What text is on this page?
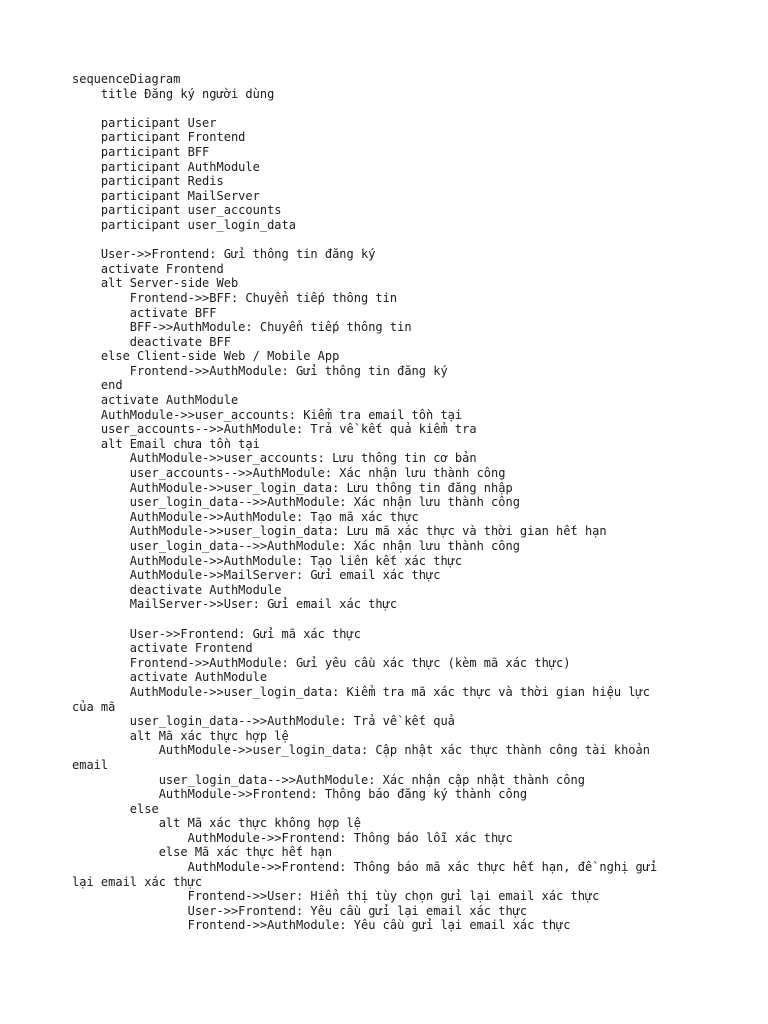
sequenceDiagram
title Đăng ký người dùng
participant User
participant Frontend
participant BFF
participant AuthModule
participant Redis
participant MailServer
participant user_accounts
participant user_login_data
User->>Frontend: Gửi thông tin đăng ký
activate Frontend
alt Server-side Web
Frontend->>BFF: Chuyển tiếp thông tin
activate BFF
BFF->>AuthModule: Chuyển tiếp thông tin
deactivate BFF
else Client-side Web / Mobile App
Frontend->>AuthModule: Gửi thông tin đăng ký
end
activate AuthModule
AuthModule->>user_accounts: Kiểm tra email tồn tại
user_accounts-->>AuthModule: Trả về kết quả kiểm tra
alt Email chưa tồn tại
AuthModule->>user_accounts: Lưu thông tin cơ bản
user_accounts-->>AuthModule: Xác nhận lưu thành công
AuthModule->>user_login_data: Lưu thông tin đăng nhập
user_login_data-->>AuthModule: Xác nhận lưu thành công
AuthModule->>AuthModule: Tạo mã xác thực
AuthModule->>user_login_data: Lưu mã xác thực và thời gian hết hạn
user_login_data-->>AuthModule: Xác nhận lưu thành công
AuthModule->>AuthModule: Tạo liên kết xác thực
AuthModule->>MailServer: Gửi email xác thực
deactivate AuthModule
MailServer->>User: Gửi email xác thực
User->>Frontend: Gửi mã xác thực
activate Frontend
Frontend->>AuthModule: Gửi yêu cầu xác thực (kèm mã xác thực)
activate AuthModule
AuthModule->>user_login_data: Kiểm tra mã xác thực và thời gian hiệu lực
của mã
user_login_data-->>AuthModule: Trả về kết quả
alt Mã xác thực hợp lệ
AuthModule->>user_login_data: Cập nhật xác thực thành công tài khoản
email
user_login_data-->>AuthModule: Xác nhận cập nhật thành công
AuthModule->>Frontend: Thông báo đăng ký thành công
else
alt Mã xác thực không hợp lệ
AuthModule->>Frontend: Thông báo lỗi xác thực
else Mã xác thực hết hạn
AuthModule->>Frontend: Thông báo mã xác thực hết hạn, đề nghị gửi
lại email xác thực
Frontend->>User: Hiển thị tùy chọn gửi lại email xác thực
User->>Frontend: Yêu cầu gửi lại email xác thực
Frontend->>AuthModule: Yêu cầu gửi lại email xác thực
